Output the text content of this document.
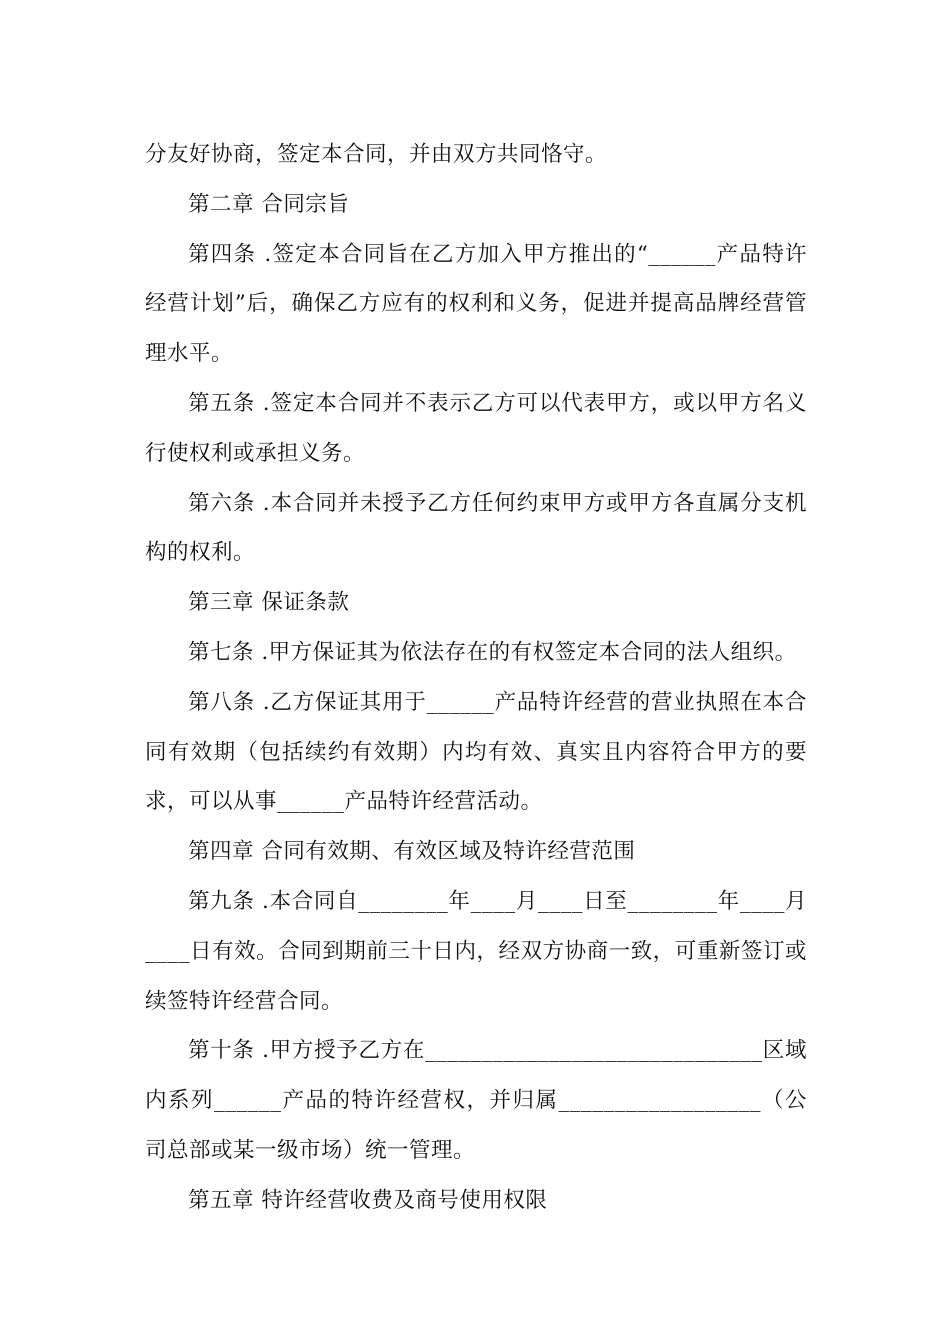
分友好协商，签定本合同，并由双方共同恪守。

第二章 合同宗旨

第四条 .签定本合同旨在乙方加入甲方推出的“______产品特许经营计划”后，确保乙方应有的权利和义务，促进并提高品牌经营管理水平。

第五条 .签定本合同并不表示乙方可以代表甲方，或以甲方名义行使权利或承担义务。

第六条 .本合同并未授予乙方任何约束甲方或甲方各直属分支机构的权利。

第三章 保证条款

第七条 .甲方保证其为依法存在的有权签定本合同的法人组织。

第八条 .乙方保证其用于______产品特许经营的营业执照在本合同有效期（包括续约有效期）内均有效、真实且内容符合甲方的要求，可以从事______产品特许经营活动。

第四章 合同有效期、有效区域及特许经营范围

第九条 .本合同自________年____月____日至________年____月____日有效。合同到期前三十日内，经双方协商一致，可重新签订或续签特许经营合同。

第十条 .甲方授予乙方在______________________________区域内系列______产品的特许经营权，并归属__________________（公司总部或某一级市场）统一管理。

第五章 特许经营收费及商号使用权限
